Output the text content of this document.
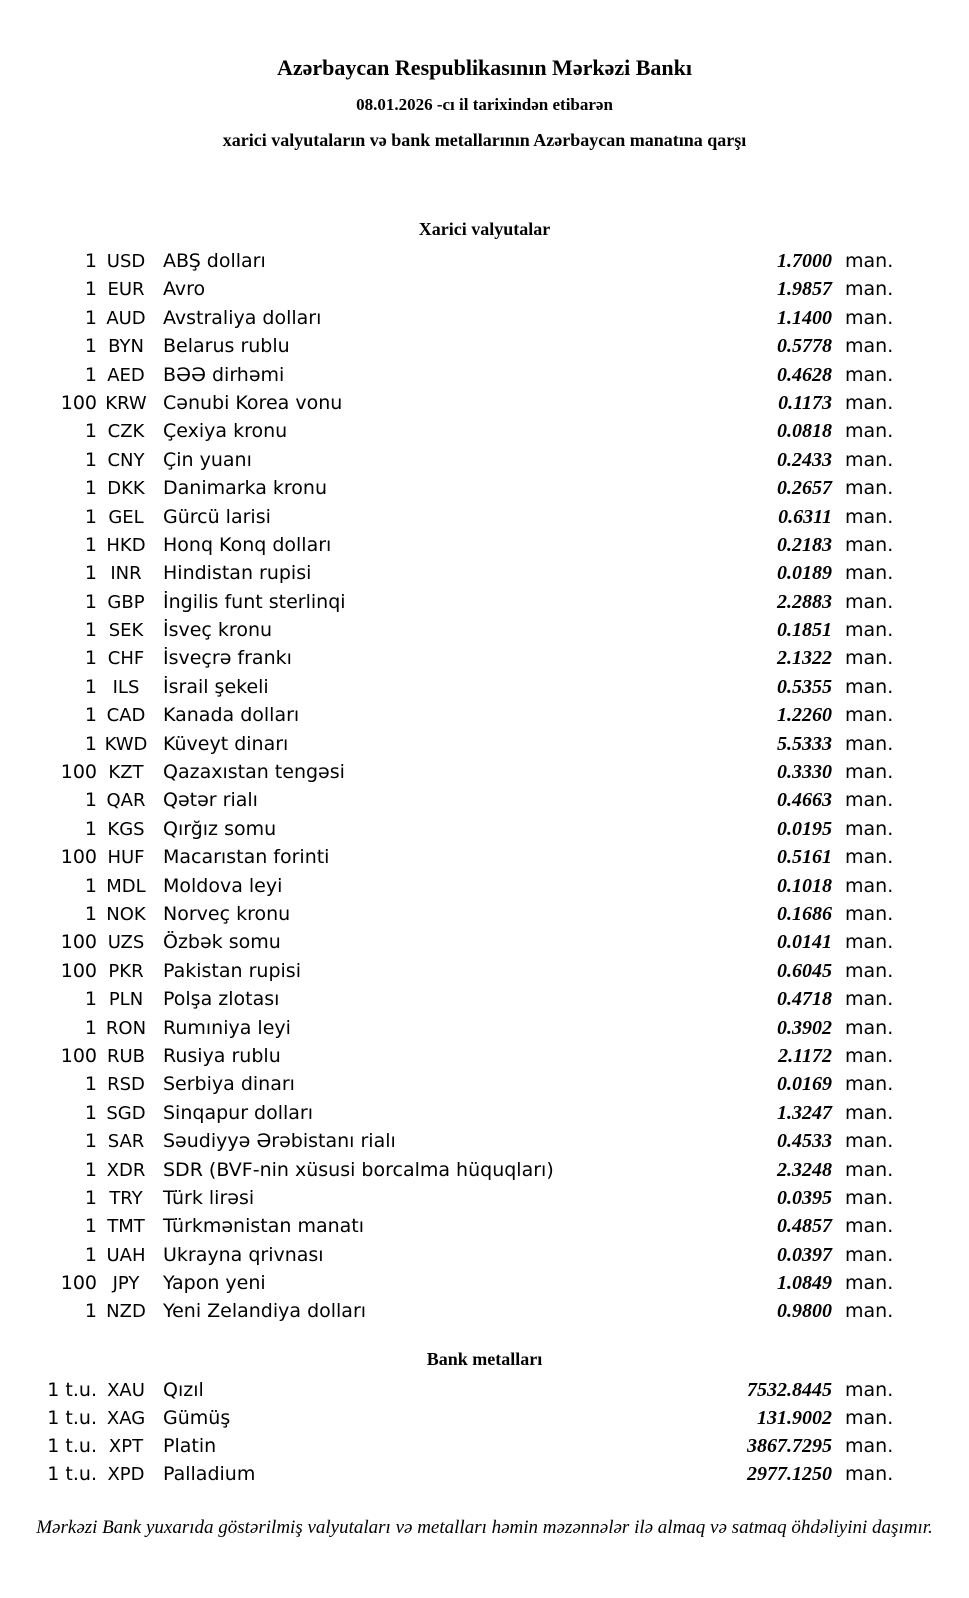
Azərbaycan Respublikasının Mərkəzi Bankı

08.01.2026 -cı il tarixindən etibarən

xarici valyutaların və bank metallarının Azərbaycan manatına qarşı

Xarici valyutalar
1 USD ABŞ dolları	1.7000 man.
1 EUR Avro	1.9857 man.
1 AUD Avstraliya dolları	1.1400 man.
1 BYN	Belarus rublu	0.5778 man.
1 AED BƏƏ dirhəmi	0.4628 man.
100 KRW Cənubi Korea vonu	0.1173 man.
1 CZK Çexiya kronu	0.0818 man.
1 CNY Çin yuanı	0.2433 man.
1 DKK Danimarka kronu	0.2657 man.
1 GEL	Gürcü larisi	0.6311 man.
1 HKD Honq Konq dolları	0.2183 man.
1 INR	Hindistan rupisi	0.0189 man.
1 GBP İngilis funt sterlinqi	2.2883 man.
1 SEK	İsveç kronu	0.1851 man.
1 CHF İsveçrə frankı	2.1322 man.
1 ILS	İsrail şekeli	0.5355 man.
1 CAD Kanada dolları	1.2260 man.
1 KWD Küveyt dinarı	5.5333 man.
100 KZT	Qazaxıstan tengəsi	0.3330 man.
1 QAR Qətər rialı	0.4663 man.
1 KGS Qırğız somu	0.0195 man.
100 HUF Macarıstan forinti	0.5161 man.
1 MDL Moldova leyi	0.1018 man.
1 NOK Norveç kronu	0.1686 man.
100 UZS Özbək somu	0.0141 man.
100 PKR	Pakistan rupisi	0.6045 man.
1 PLN	Polşa zlotası	0.4718 man.
1 RON Rumıniya leyi	0.3902 man.
100 RUB Rusiya rublu	2.1172 man.
1 RSD Serbiya dinarı	0.0169 man.
1 SGD Sinqapur dolları	1.3247 man.
1 SAR Səudiyyə Ərəbistanı rialı	0.4533 man.
1 XDR SDR (BVF-nin xüsusi borcalma hüquqları)	2.3248 man.
1 TRY	Türk lirəsi	0.0395 man.
1 TMT Türkmənistan manatı	0.4857 man.
1 UAH Ukrayna qrivnası	0.0397 man.
100 JPY	Yapon yeni	1.0849 man.
1 NZD Yeni Zelandiya dolları	0.9800 man.
Bank metalları
1 t.u. XAU Qızıl	7532.8445 man.
1 t.u. XAG Gümüş	131.9002 man.
1 t.u. XPT	Platin	3867.7295 man.
1 t.u. XPD Palladium	2977.1250 man.

Mərkəzi Bank yuxarıda göstərilmiş valyutaları və metalları həmin məzənnələr ilə almaq və satmaq öhdəliyini daşımır.
